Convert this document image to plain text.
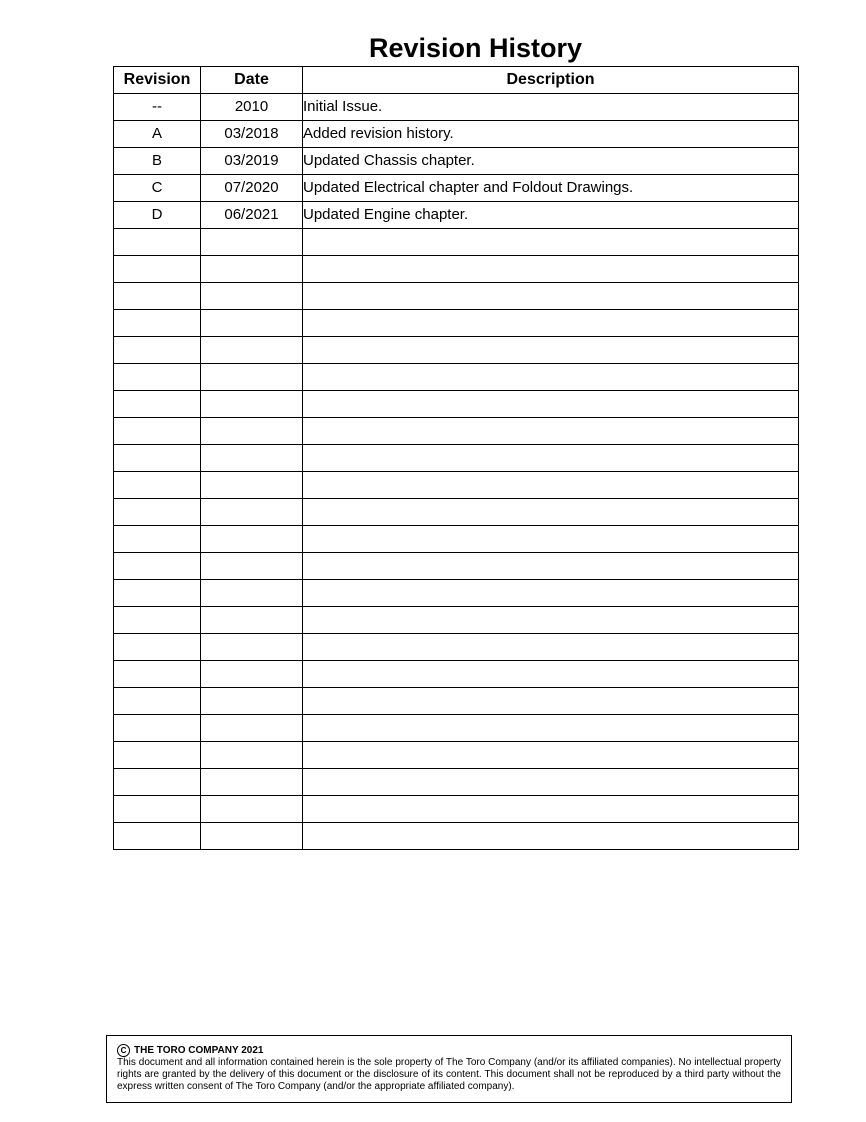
Revision History
Revision	Date	Description
--	2010	Initial Issue.
A	03/2018	Added revision history.
B	03/2019	Updated Chassis chapter.
C	07/2020	Updated Electrical chapter and Foldout Drawings.
D	06/2021	Updated Engine chapter.

C THE TORO COMPANY 2021
This document and all information contained herein is the sole property of The Toro Company (and/or its affiliated companies). No intellectual property rights are granted by the delivery of this document or the disclosure of its content. This document shall not be reproduced by a third party without the express written consent of The Toro Company (and/or the appropriate affiliated company).
